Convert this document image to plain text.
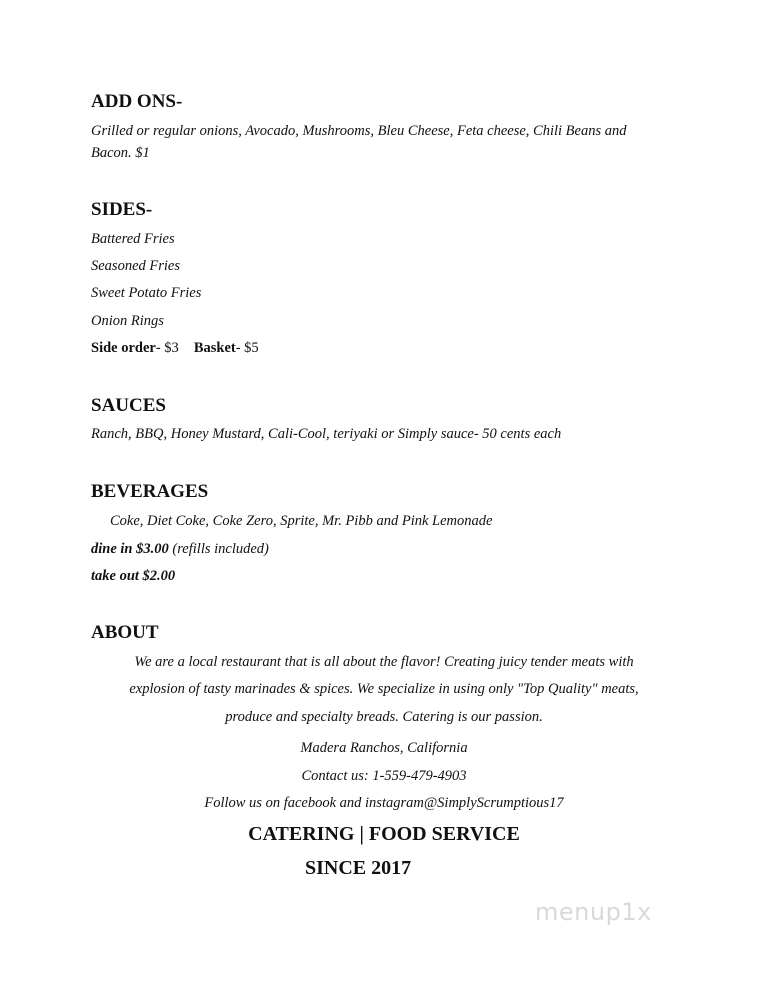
ADD ONS-
Grilled or regular onions, Avocado, Mushrooms, Bleu Cheese, Feta cheese, Chili Beans and
Bacon. $1
SIDES-
Battered Fries
Seasoned Fries
Sweet Potato Fries
Onion Rings
Side order- $3 Basket- $5
SAUCES
Ranch, BBQ, Honey Mustard, Cali-Cool, teriyaki or Simply sauce- 50 cents each
BEVERAGES
Coke, Diet Coke, Coke Zero, Sprite, Mr. Pibb and Pink Lemonade
dine in $3.00 (refills included)
take out $2.00
ABOUT
We are a local restaurant that is all about the flavor! Creating juicy tender meats with
explosion of tasty marinades & spices. We specialize in using only "Top Quality" meats,
produce and specialty breads. Catering is our passion.
Madera Ranchos, California
Contact us: 1-559-479-4903
Follow us on facebook and instagram@SimplyScrumptious17
CATERING | FOOD SERVICE
SINCE 2017
menup1x
